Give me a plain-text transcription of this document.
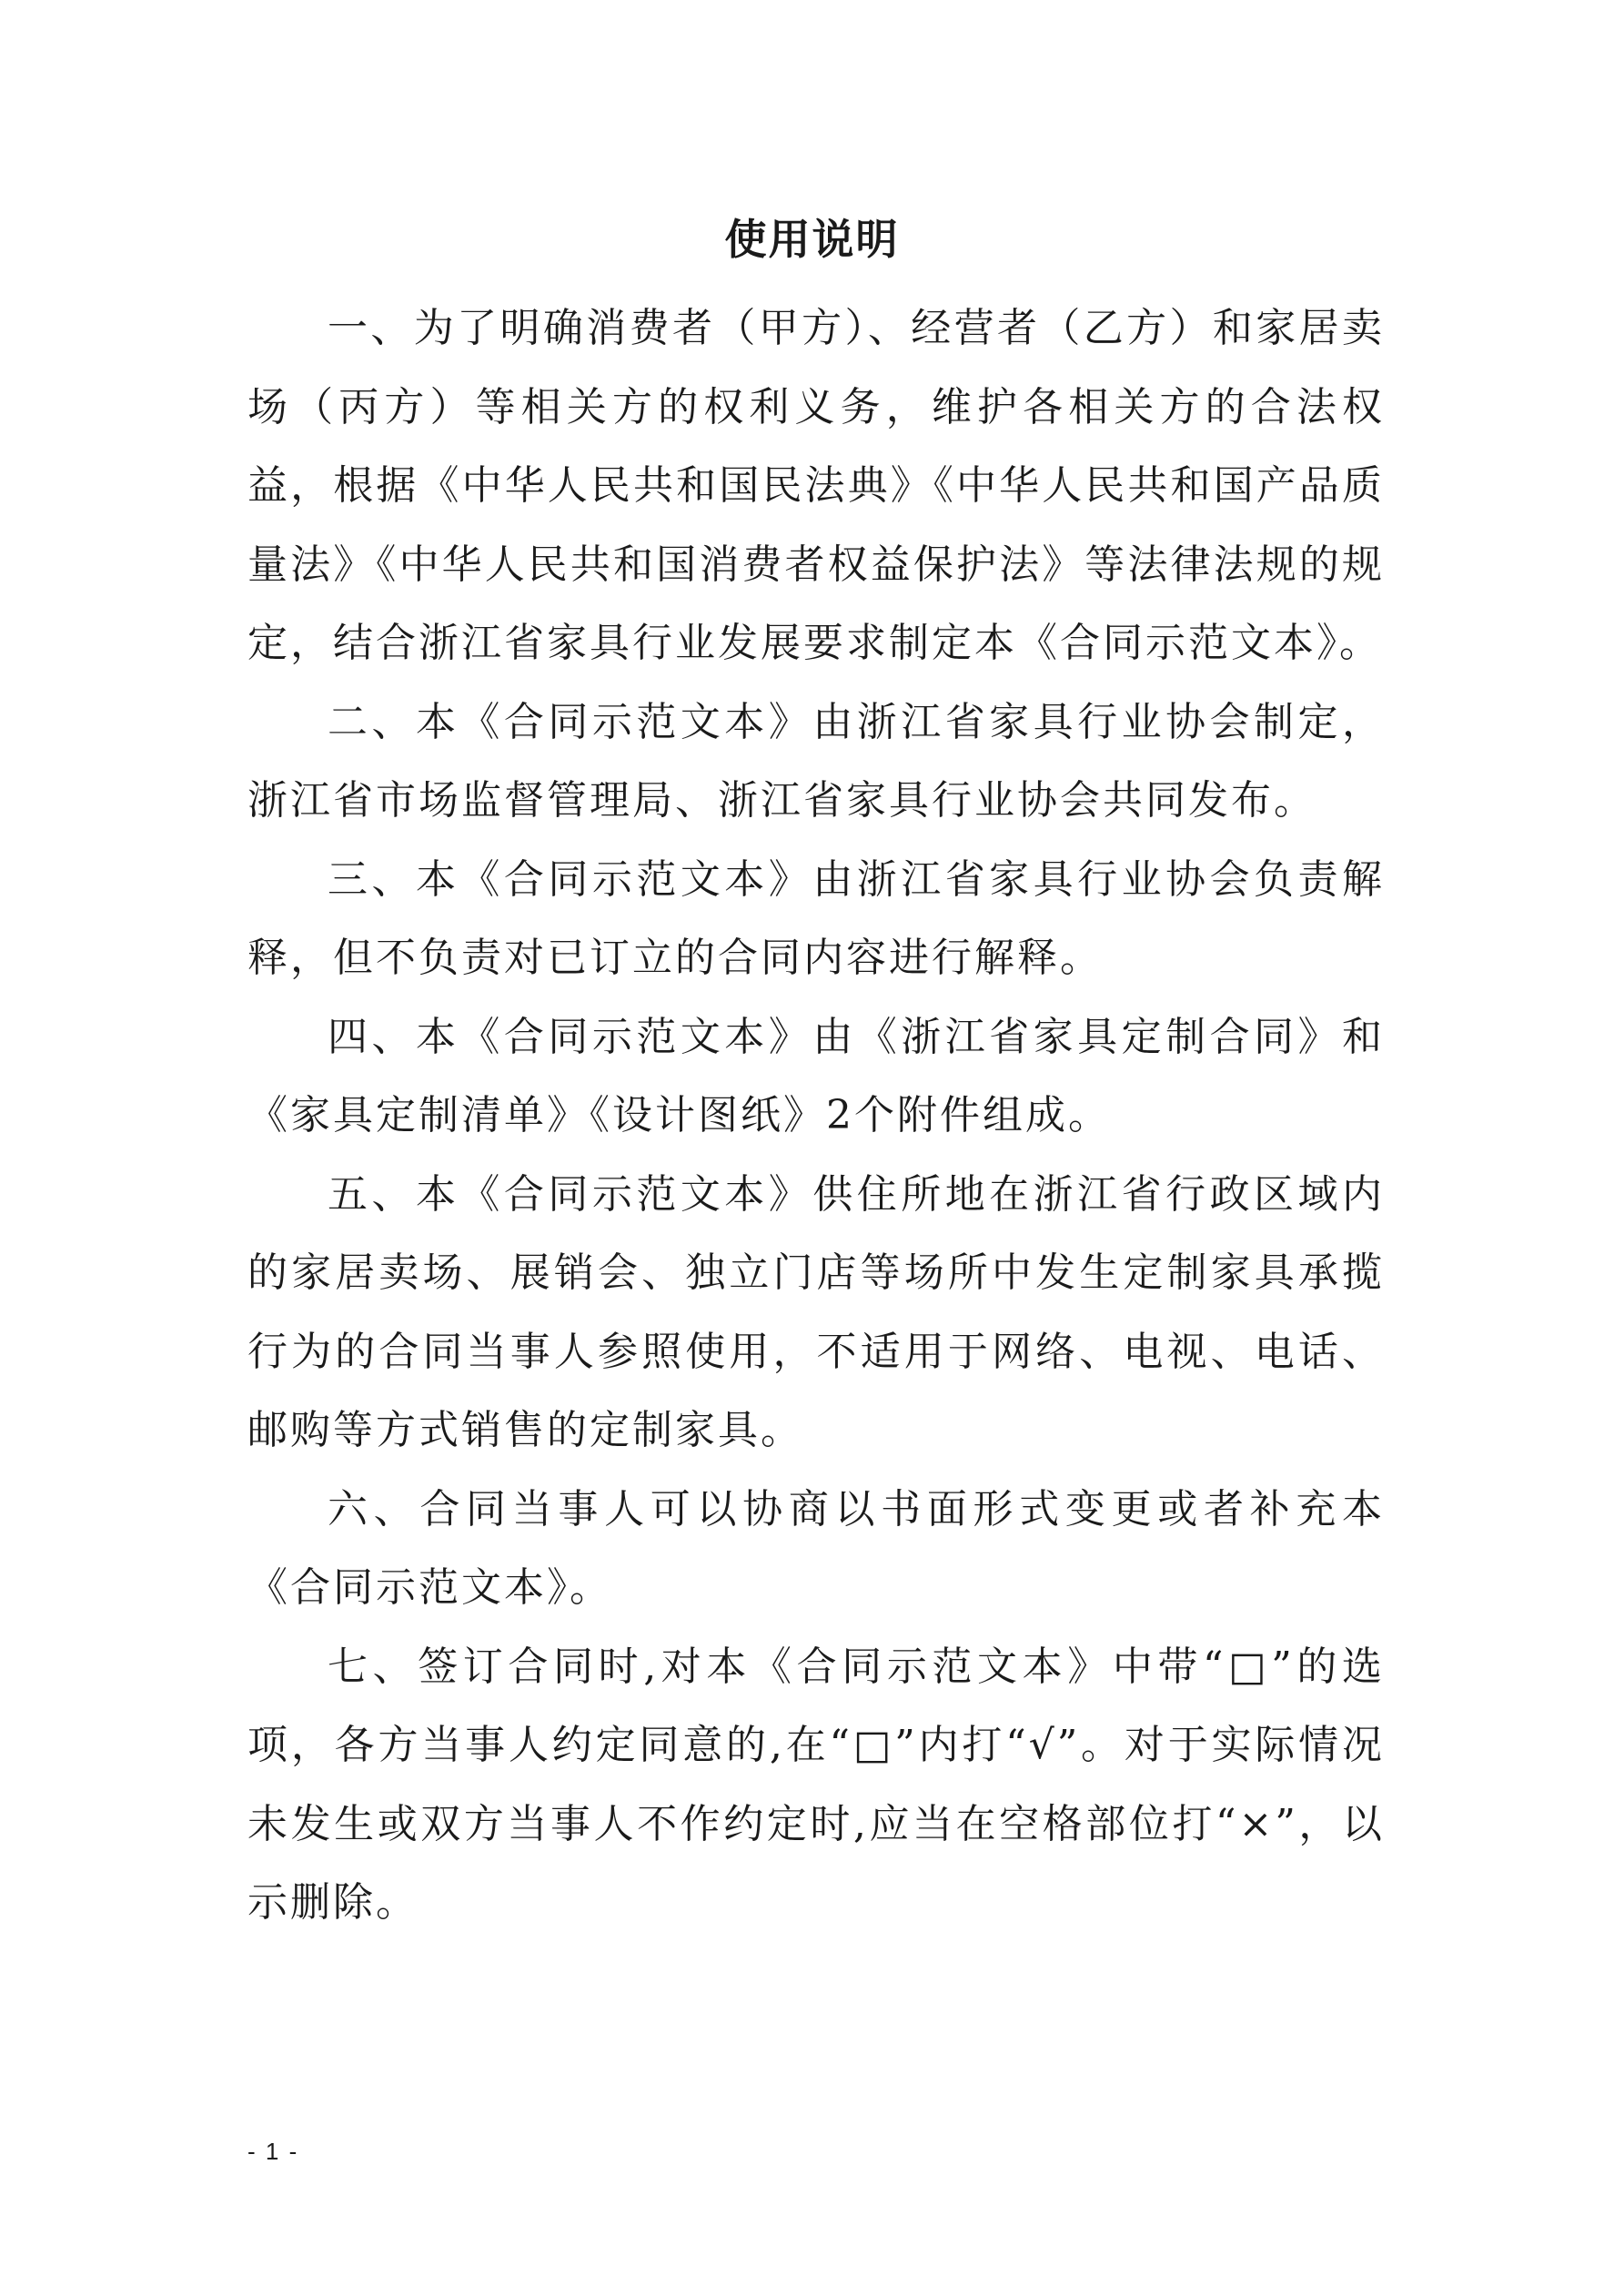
使用说明

一、为了明确消费者（甲方）、经营者（乙方）和家居卖场（丙方）等相关方的权利义务，维护各相关方的合法权益，根据《中华人民共和国民法典》《中华人民共和国产品质量法》《中华人民共和国消费者权益保护法》等法律法规的规定，结合浙江省家具行业发展要求制定本《合同示范文本》。

二、本《合同示范文本》由浙江省家具行业协会制定，浙江省市场监督管理局、浙江省家具行业协会共同发布。

三、本《合同示范文本》由浙江省家具行业协会负责解释，但不负责对已订立的合同内容进行解释。

四、本《合同示范文本》由《浙江省家具定制合同》和《家具定制清单》《设计图纸》2个附件组成。

五、本《合同示范文本》供住所地在浙江省行政区域内的家居卖场、展销会、独立门店等场所中发生定制家具承揽行为的合同当事人参照使用，不适用于网络、电视、电话、邮购等方式销售的定制家具。

六、合同当事人可以协商以书面形式变更或者补充本《合同示范文本》。

七、签订合同时,对本《合同示范文本》中带“□”的选项，各方当事人约定同意的,在“□”内打“√”。对于实际情况未发生或双方当事人不作约定时,应当在空格部位打“×”，以示删除。

- 1 -
